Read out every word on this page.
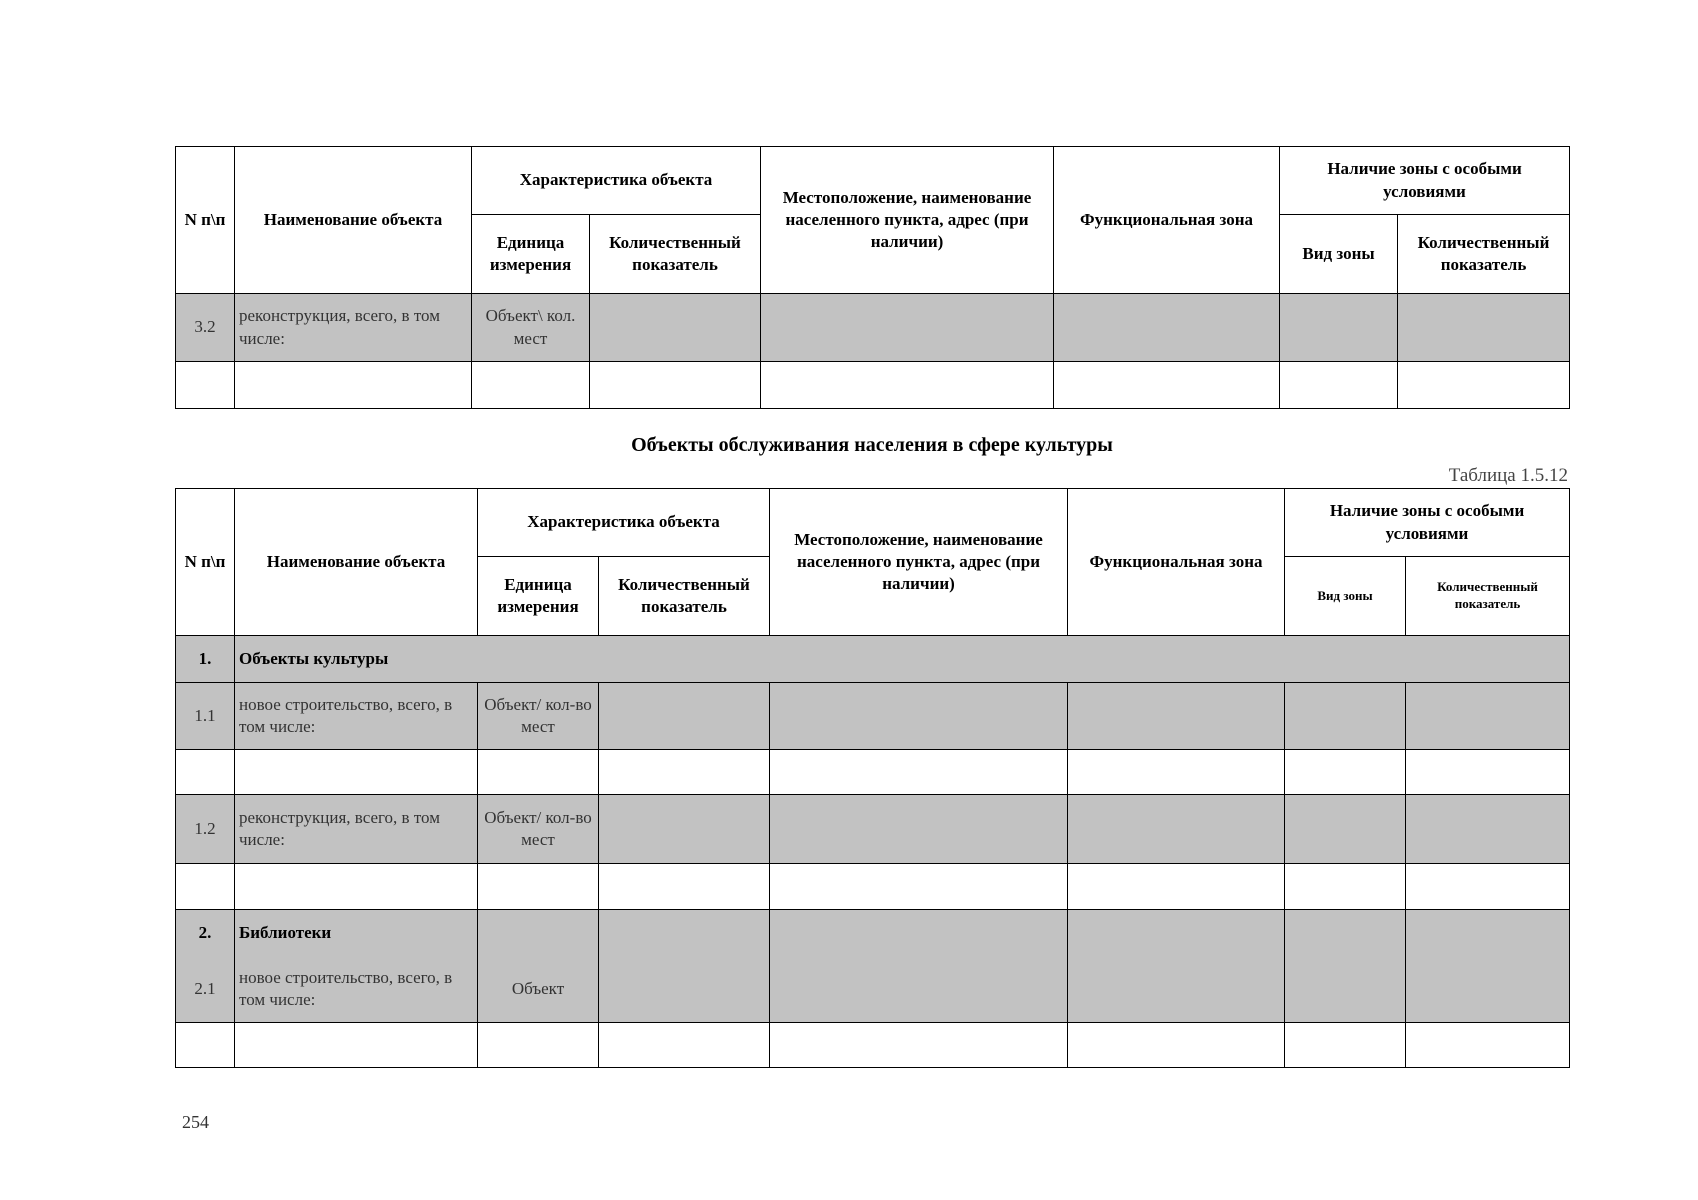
N п\п	Наименование объекта	Характеристика объекта		Местоположение, наименование населенного пункта, адрес (при наличии)	Функциональная зона	Наличие зоны с особыми условиями	
		Единица измерения	Количественный показатель			Вид зоны	Количественный показатель
3.2	реконструкция, всего, в том числе:	Объект\ кол. мест					

Объекты обслуживания населения в сфере культуры
Таблица 1.5.12
N п\п	Наименование объекта	Характеристика объекта		Местоположение, наименование населенного пункта, адрес (при наличии)	Функциональная зона	Наличие зоны с особыми условиями	
		Единица измерения	Количественный показатель			Вид зоны	Количественный показатель
1.	Объекты культуры						
1.1	новое строительство, всего, в том числе:	Объект/ кол-во мест					

1.2	реконструкция, всего, в том числе:	Объект/ кол-во мест					

2.	Библиотеки						
2.1	новое строительство, всего, в том числе:	Объект					

254
